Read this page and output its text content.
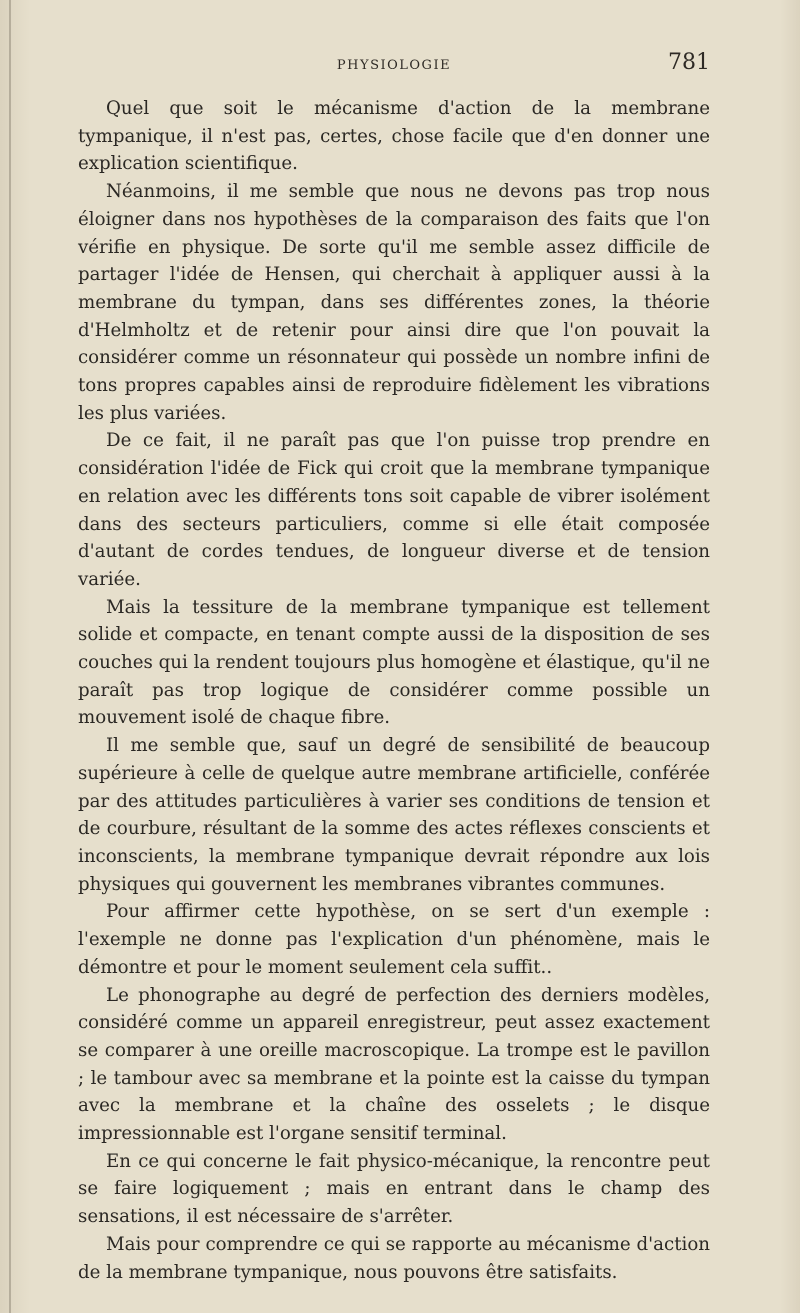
PHYSIOLOGIE	781

Quel que soit le mécanisme d'action de la membrane tympanique, il n'est pas, certes, chose facile que d'en donner une explication scientifique.

Néanmoins, il me semble que nous ne devons pas trop nous éloigner dans nos hypothèses de la comparaison des faits que l'on vérifie en physique. De sorte qu'il me semble assez difficile de partager l'idée de Hensen, qui cherchait à appliquer aussi à la membrane du tympan, dans ses différentes zones, la théorie d'Helmholtz et de retenir pour ainsi dire que l'on pouvait la considérer comme un résonnateur qui possède un nombre infini de tons propres capables ainsi de reproduire fidèlement les vibrations les plus variées.

De ce fait, il ne paraît pas que l'on puisse trop prendre en considération l'idée de Fick qui croit que la membrane tympanique en relation avec les différents tons soit capable de vibrer isolément dans des secteurs particuliers, comme si elle était composée d'autant de cordes tendues, de longueur diverse et de tension variée.

Mais la tessiture de la membrane tympanique est tellement solide et compacte, en tenant compte aussi de la disposition de ses couches qui la rendent toujours plus homogène et élastique, qu'il ne paraît pas trop logique de considérer comme possible un mouvement isolé de chaque fibre.

Il me semble que, sauf un degré de sensibilité de beaucoup supérieure à celle de quelque autre membrane artificielle, conférée par des attitudes particulières à varier ses conditions de tension et de courbure, résultant de la somme des actes réflexes conscients et inconscients, la membrane tympanique devrait répondre aux lois physiques qui gouvernent les membranes vibrantes communes.

Pour affirmer cette hypothèse, on se sert d'un exemple : l'exemple ne donne pas l'explication d'un phénomène, mais le démontre et pour le moment seulement cela suffit..

Le phonographe au degré de perfection des derniers modèles, considéré comme un appareil enregistreur, peut assez exactement se comparer à une oreille macroscopique. La trompe est le pavillon ; le tambour avec sa membrane et la pointe est la caisse du tympan avec la membrane et la chaîne des osselets ; le disque impressionnable est l'organe sensitif terminal.

En ce qui concerne le fait physico-mécanique, la rencontre peut se faire logiquement ; mais en entrant dans le champ des sensations, il est nécessaire de s'arrêter.

Mais pour comprendre ce qui se rapporte au mécanisme d'action de la membrane tympanique, nous pouvons être satisfaits.
